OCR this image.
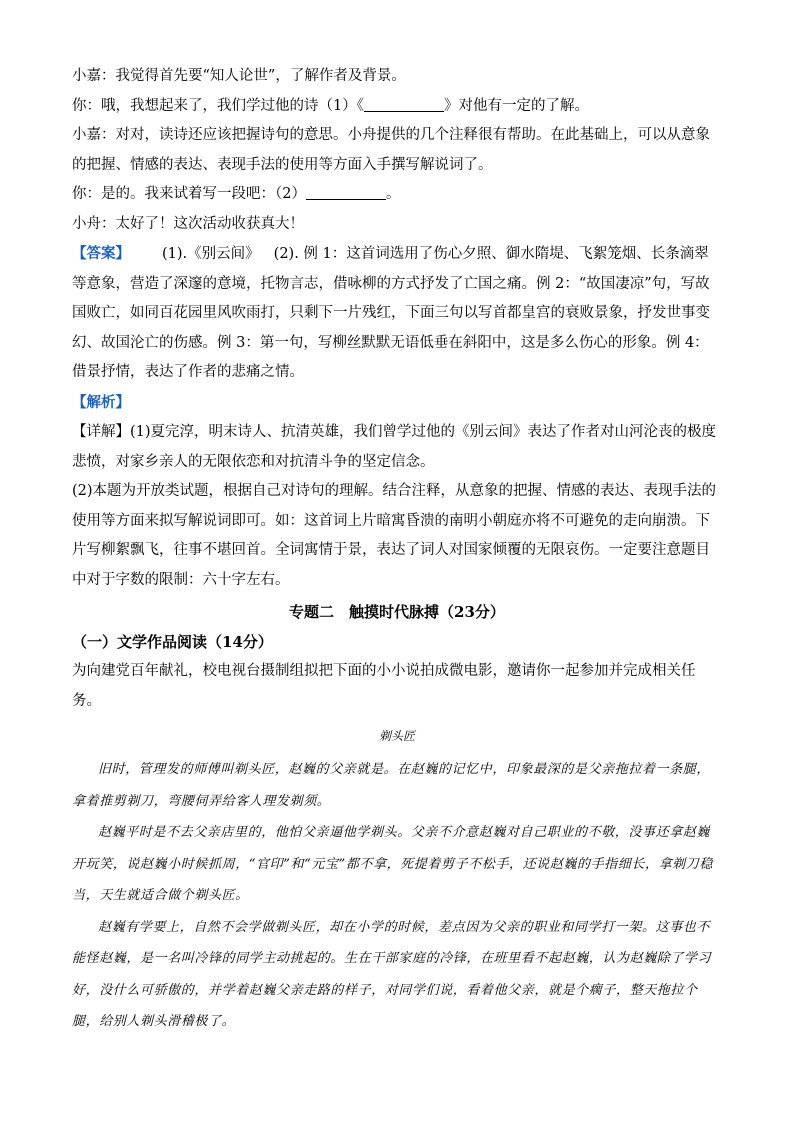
小嘉：我觉得首先要“知人论世”，了解作者及背景。

你：哦，我想起来了，我们学过他的诗（1）《	》对他有一定的了解。

小嘉：对对，读诗还应该把握诗句的意思。小舟提供的几个注释很有帮助。在此基础上，可以从意象的把握、情感的表达、表现手法的使用等方面入手撰写解说词了。

你：是的。我来试着写一段吧：（2）	。

小舟：太好了！这次活动收获真大！

【答案】 (1).《别云间》 (2). 例 1：这首词选用了伤心夕照、御水隋堤、飞絮笼烟、长条滴翠等意象，营造了深邃的意境，托物言志，借咏柳的方式抒发了亡国之痛。例 2：“故国凄凉”句，写故国败亡，如同百花园里风吹雨打，只剩下一片残红，下面三句以写首都皇宫的衰败景象，抒发世事变幻、故国沦亡的伤感。例 3：第一句，写柳丝默默无语低垂在斜阳中，这是多么伤心的形象。例 4：借景抒情，表达了作者的悲痛之情。

【解析】

【详解】(1)夏完淳，明末诗人、抗清英雄，我们曾学过他的《别云间》表达了作者对山河沦丧的极度悲愤，对家乡亲人的无限依恋和对抗清斗争的坚定信念。

(2)本题为开放类试题，根据自己对诗句的理解。结合注释，从意象的把握、情感的表达、表现手法的使用等方面来拟写解说词即可。如：这首词上片暗寓昏溃的南明小朝庭亦将不可避免的走向崩溃。下片写柳絮飘飞，往事不堪回首。全词寓情于景，表达了词人对国家倾覆的无限哀伤。一定要注意题目中对于字数的限制：六十字左右。

专题二　触摸时代脉搏（23分）

（一）文学作品阅读（14分）

为向建党百年献礼，校电视台摄制组拟把下面的小小说拍成微电影，邀请你一起参加并完成相关任务。

剃头匠

旧时，管理发的师傅叫剃头匠，赵巍的父亲就是。在赵巍的记忆中，印象最深的是父亲拖拉着一条腿，拿着推剪剃刀，弯腰伺弄给客人理发剃须。

赵巍平时是不去父亲店里的，他怕父亲逼他学剃头。父亲不介意赵巍对自己职业的不敬，没事还拿赵巍开玩笑，说赵巍小时候抓周，“官印”和“元宝”都不拿，死提着剪子不松手，还说赵巍的手指细长，拿剃刀稳当，天生就适合做个剃头匠。

赵巍有学要上，自然不会学做剃头匠，却在小学的时候，差点因为父亲的职业和同学打一架。这事也不能怪赵巍，是一名叫冷锋的同学主动挑起的。生在干部家庭的冷锋，在班里看不起赵巍，认为赵巍除了学习好，没什么可骄傲的，并学着赵巍父亲走路的样子，对同学们说，看着他父亲，就是个瘸子，整天拖拉个腿，给别人剃头滑稽极了。
